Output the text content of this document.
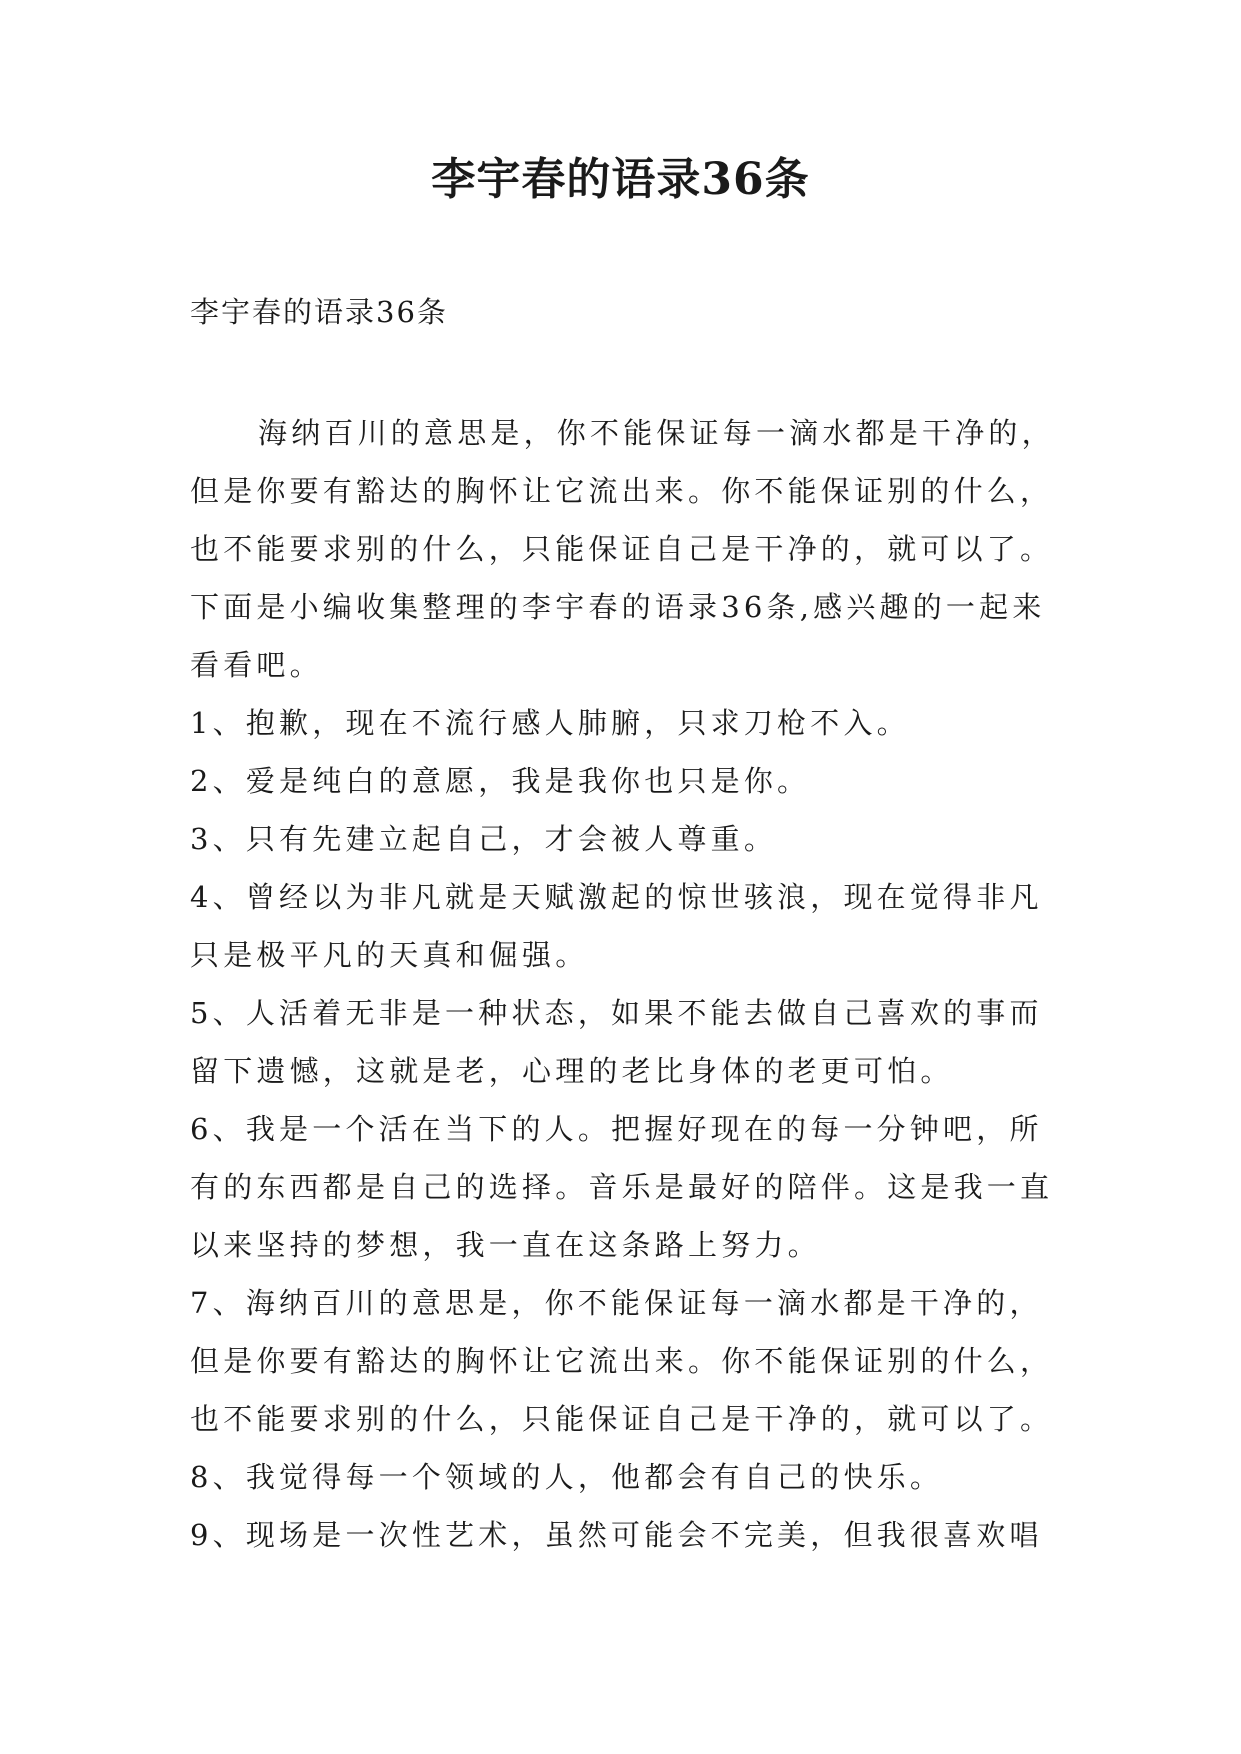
李宇春的语录36条
李宇春的语录36条
海纳百川的意思是，你不能保证每一滴水都是干净的，
但是你要有豁达的胸怀让它流出来。你不能保证别的什么，
也不能要求别的什么，只能保证自己是干净的，就可以了。
下面是小编收集整理的李宇春的语录36条,感兴趣的一起来
看看吧。
1、抱歉，现在不流行感人肺腑，只求刀枪不入。
2、爱是纯白的意愿，我是我你也只是你。
3、只有先建立起自己，才会被人尊重。
4、曾经以为非凡就是天赋激起的惊世骇浪，现在觉得非凡
只是极平凡的天真和倔强。
5、人活着无非是一种状态，如果不能去做自己喜欢的事而
留下遗憾，这就是老，心理的老比身体的老更可怕。
6、我是一个活在当下的人。把握好现在的每一分钟吧，所
有的东西都是自己的选择。音乐是最好的陪伴。这是我一直
以来坚持的梦想，我一直在这条路上努力。
7、海纳百川的意思是，你不能保证每一滴水都是干净的，
但是你要有豁达的胸怀让它流出来。你不能保证别的什么，
也不能要求别的什么，只能保证自己是干净的，就可以了。
8、我觉得每一个领域的人，他都会有自己的快乐。
9、现场是一次性艺术，虽然可能会不完美，但我很喜欢唱
